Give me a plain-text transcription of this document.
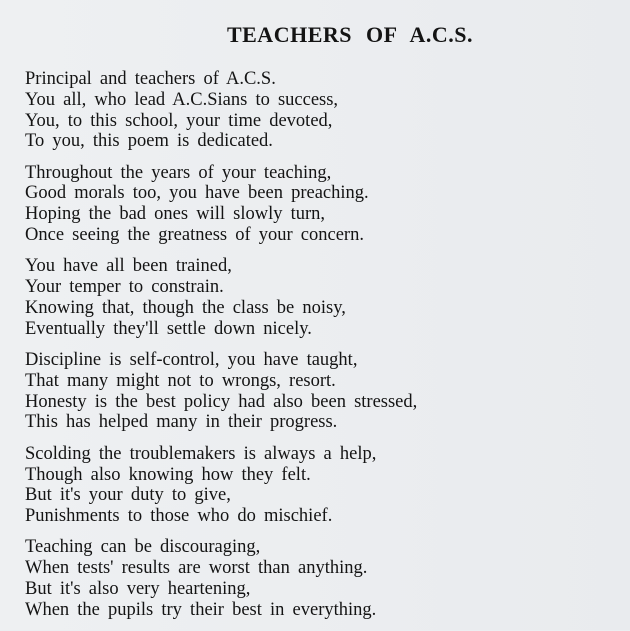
TEACHERS OF A.C.S.
Principal and teachers of A.C.S.
You all, who lead A.C.Sians to success,
You, to this school, your time devoted,
To you, this poem is dedicated.
Throughout the years of your teaching,
Good morals too, you have been preaching.
Hoping the bad ones will slowly turn,
Once seeing the greatness of your concern.
You have all been trained,
Your temper to constrain.
Knowing that, though the class be noisy,
Eventually they'll settle down nicely.
Discipline is self-control, you have taught,
That many might not to wrongs, resort.
Honesty is the best policy had also been stressed,
This has helped many in their progress.
Scolding the troublemakers is always a help,
Though also knowing how they felt.
But it's your duty to give,
Punishments to those who do mischief.
Teaching can be discouraging,
When tests' results are worst than anything.
But it's also very heartening,
When the pupils try their best in everything.
